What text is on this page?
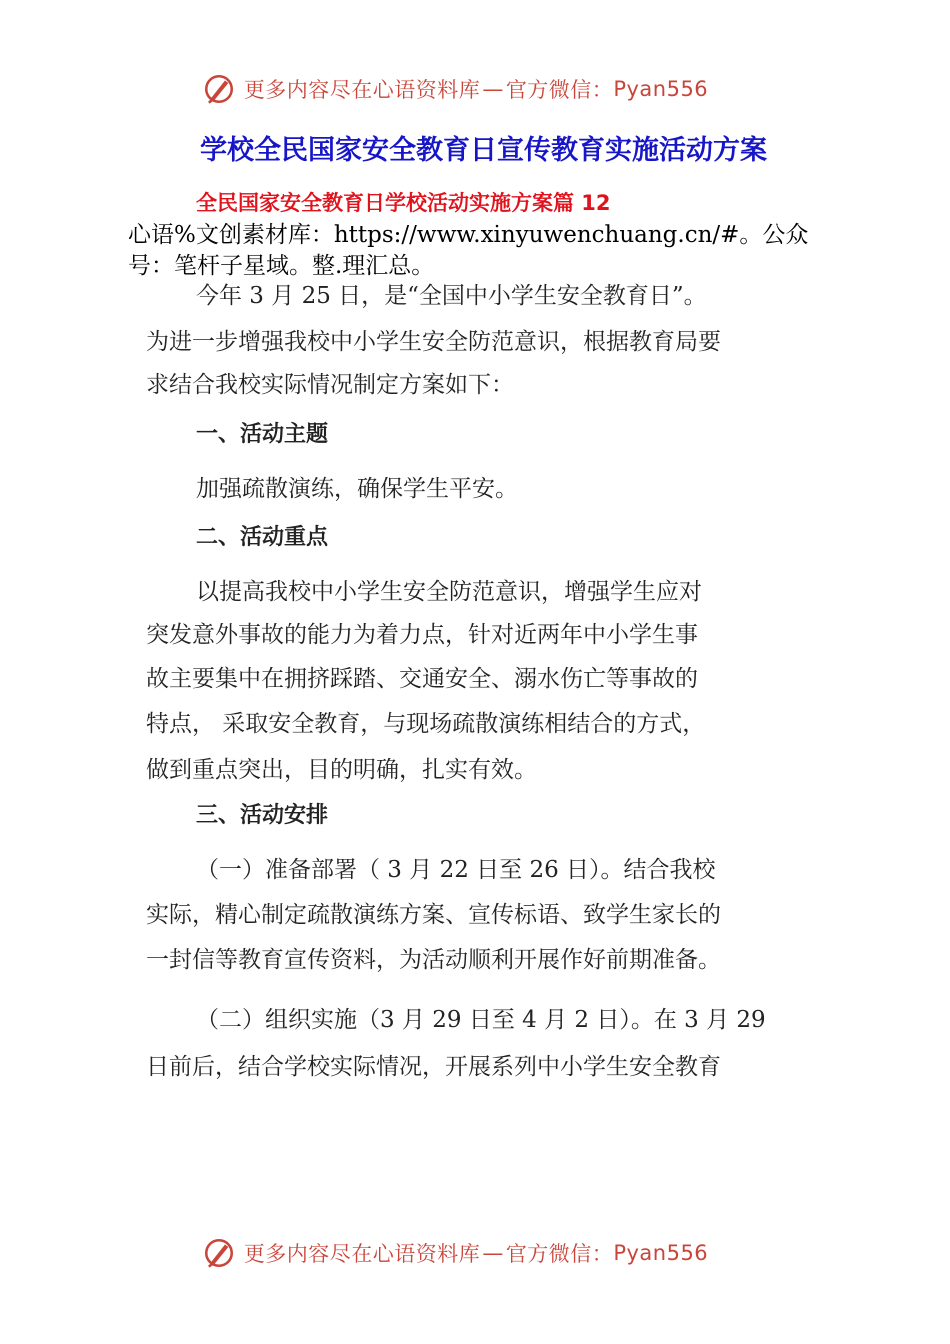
更多内容尽在心语资料库 — 官方微信： Pyan556
学校全民国家安全教育日宣传教育实施活动方案
全民国家安全教育日学校活动实施方案篇 12
心语%文创素材库：https://www.xinyuwenchuang.cn/#。公众
号：笔杆子星域。整.理汇总。
今年 3 月 25 日，是“全国中小学生安全教育日”。
为进一步增强我校中小学生安全防范意识，根据教育局要
求结合我校实际情况制定方案如下：
一、活动主题
加强疏散演练，确保学生平安。
二、活动重点
以提高我校中小学生安全防范意识，增强学生应对
突发意外事故的能力为着力点，针对近两年中小学生事
故主要集中在拥挤踩踏、交通安全、溺水伤亡等事故的
特点， 采取安全教育，与现场疏散演练相结合的方式，
做到重点突出，目的明确，扎实有效。
三、活动安排
（一）准备部署（ 3 月 22 日至 26 日）。结合我校
实际，精心制定疏散演练方案、宣传标语、致学生家长的
一封信等教育宣传资料，为活动顺利开展作好前期准备。
（二）组织实施（3 月 29 日至 4 月 2 日）。在 3 月 29
日前后，结合学校实际情况，开展系列中小学生安全教育
更多内容尽在心语资料库 — 官方微信： Pyan556
